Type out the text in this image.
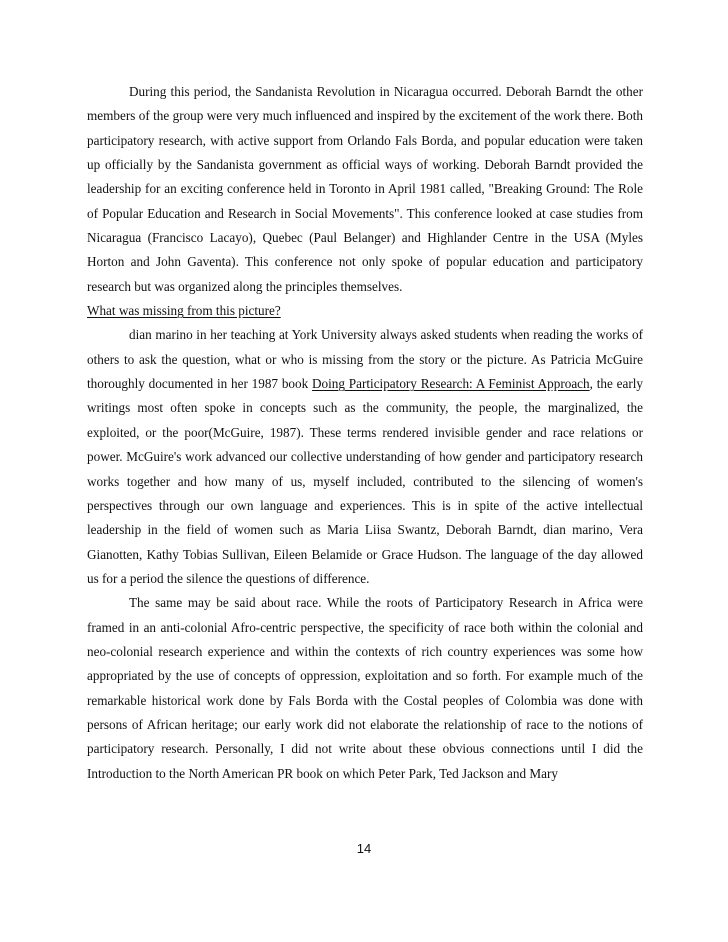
During this period, the Sandanista Revolution in Nicaragua occurred. Deborah Barndt the other members of the group were very much influenced and inspired by the excitement of the work there. Both participatory research, with active support from Orlando Fals Borda, and popular education were taken up officially by the Sandanista government as official ways of working. Deborah Barndt provided the leadership for an exciting conference held in Toronto in April 1981 called, "Breaking Ground: The Role of Popular Education and Research in Social Movements". This conference looked at case studies from Nicaragua (Francisco Lacayo), Quebec (Paul Belanger) and Highlander Centre in the USA (Myles Horton and John Gaventa). This conference not only spoke of popular education and participatory research but was organized along the principles themselves.

What was missing from this picture?

dian marino in her teaching at York University always asked students when reading the works of others to ask the question, what or who is missing from the story or the picture. As Patricia McGuire thoroughly documented in her 1987 book Doing Participatory Research: A Feminist Approach, the early writings most often spoke in concepts such as the community, the people, the marginalized, the exploited, or the poor(McGuire, 1987). These terms rendered invisible gender and race relations or power. McGuire's work advanced our collective understanding of how gender and participatory research works together and how many of us, myself included, contributed to the silencing of women's perspectives through our own language and experiences. This is in spite of the active intellectual leadership in the field of women such as Maria Liisa Swantz, Deborah Barndt, dian marino, Vera Gianotten, Kathy Tobias Sullivan, Eileen Belamide or Grace Hudson. The language of the day allowed us for a period the silence the questions of difference.

The same may be said about race. While the roots of Participatory Research in Africa were framed in an anti-colonial Afro-centric perspective, the specificity of race both within the colonial and neo-colonial research experience and within the contexts of rich country experiences was some how appropriated by the use of concepts of oppression, exploitation and so forth. For example much of the remarkable historical work done by Fals Borda with the Costal peoples of Colombia was done with persons of African heritage; our early work did not elaborate the relationship of race to the notions of participatory research. Personally, I did not write about these obvious connections until I did the Introduction to the North American PR book on which Peter Park, Ted Jackson and Mary

14
